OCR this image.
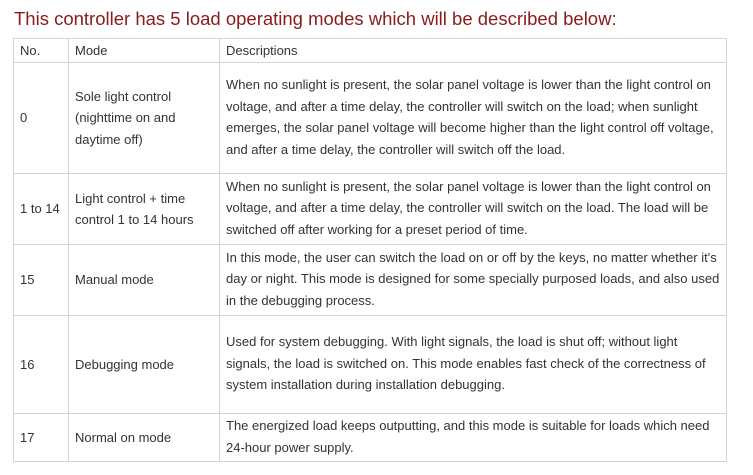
This controller has 5 load operating modes which will be described below:
No.	Mode	Descriptions
0	Sole light control (nighttime on and daytime off)	When no sunlight is present, the solar panel voltage is lower than the light control on voltage, and after a time delay, the controller will switch on the load; when sunlight emerges, the solar panel voltage will become higher than the light control off voltage, and after a time delay, the controller will switch off the load.
1 to 14	Light control + time control 1 to 14 hours	When no sunlight is present, the solar panel voltage is lower than the light control on voltage, and after a time delay, the controller will switch on the load. The load will be switched off after working for a preset period of time.
15	Manual mode	In this mode, the user can switch the load on or off by the keys, no matter whether it's day or night. This mode is designed for some specially purposed loads, and also used in the debugging process.
16	Debugging mode	Used for system debugging. With light signals, the load is shut off; without light signals, the load is switched on. This mode enables fast check of the correctness of system installation during installation debugging.
17	Normal on mode	The energized load keeps outputting, and this mode is suitable for loads which need 24-hour power supply.
